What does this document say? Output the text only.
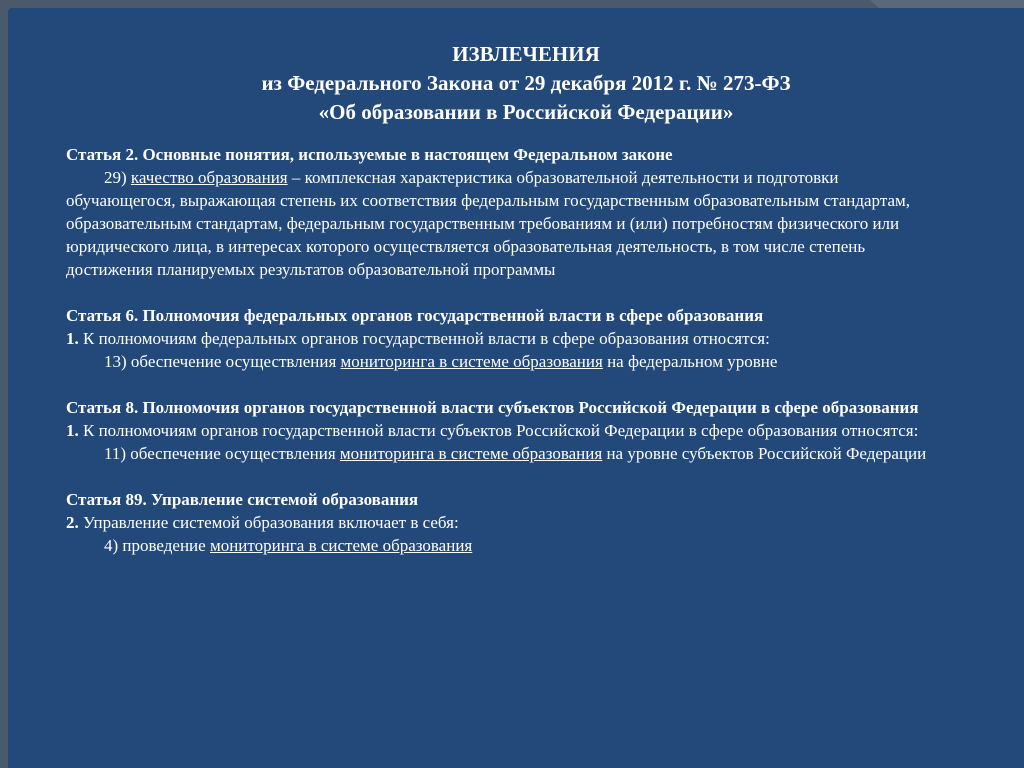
ИЗВЛЕЧЕНИЯ
из Федерального Закона от 29 декабря 2012 г. № 273-ФЗ
«Об образовании в Российской Федерации»
Статья 2. Основные понятия, используемые в настоящем Федеральном законе
29) качество образования – комплексная характеристика образовательной деятельности и подготовки обучающегося, выражающая степень их соответствия федеральным государственным образовательным стандартам, образовательным стандартам, федеральным государственным требованиям и (или) потребностям физического или юридического лица, в интересах которого осуществляется образовательная деятельность, в том числе степень достижения планируемых результатов образовательной программы
Статья 6. Полномочия федеральных органов государственной власти в сфере образования
1. К полномочиям федеральных органов государственной власти в сфере образования относятся:
13) обеспечение осуществления мониторинга в системе образования на федеральном уровне
Статья 8. Полномочия органов государственной власти субъектов Российской Федерации в сфере образования
1. К полномочиям органов государственной власти субъектов Российской Федерации в сфере образования относятся:
11) обеспечение осуществления мониторинга в системе образования на уровне субъектов Российской Федерации
Статья 89. Управление системой образования
2. Управление системой образования включает в себя:
4) проведение мониторинга в системе образования
